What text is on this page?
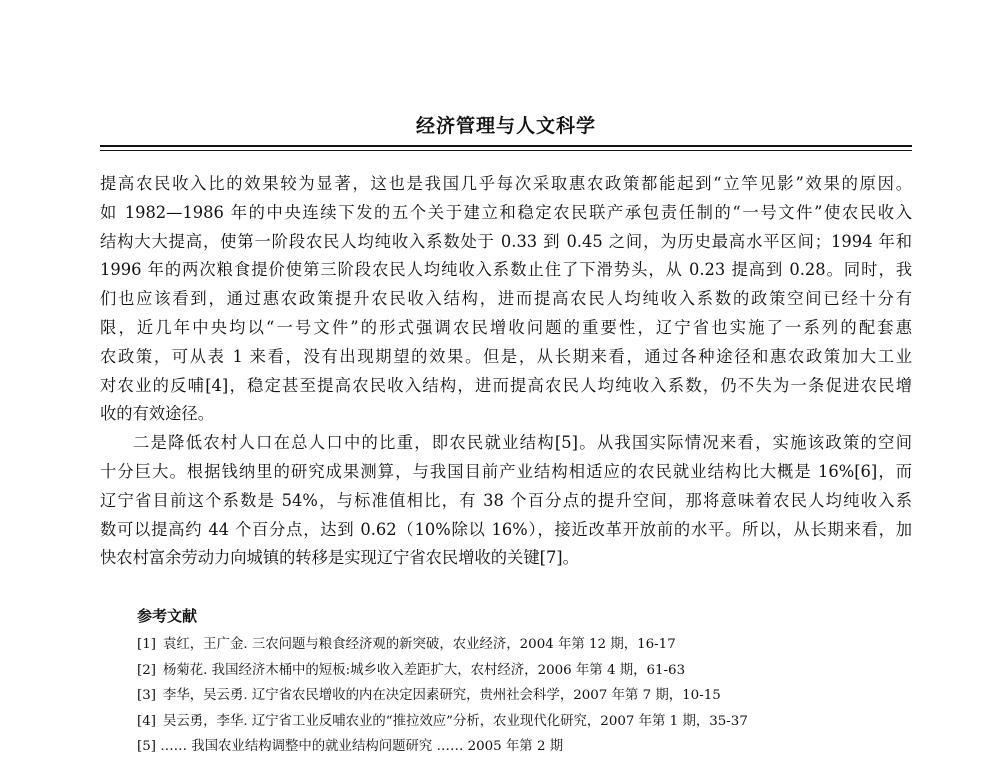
经济管理与人文科学
提高农民收入比的效果较为显著，这也是我国几乎每次采取惠农政策都能起到“立竿见影”效果的原因。
如 1982—1986 年的中央连续下发的五个关于建立和稳定农民联产承包责任制的“一号文件”使农民收入
结构大大提高，使第一阶段农民人均纯收入系数处于 0.33 到 0.45 之间，为历史最高水平区间；1994 年和
1996 年的两次粮食提价使第三阶段农民人均纯收入系数止住了下滑势头，从 0.23 提高到 0.28。同时，我
们也应该看到，通过惠农政策提升农民收入结构，进而提高农民人均纯收入系数的政策空间已经十分有
限，近几年中央均以“一号文件”的形式强调农民增收问题的重要性，辽宁省也实施了一系列的配套惠
农政策，可从表 1 来看，没有出现期望的效果。但是，从长期来看，通过各种途径和惠农政策加大工业
对农业的反哺[4]，稳定甚至提高农民收入结构，进而提高农民人均纯收入系数，仍不失为一条促进农民增
收的有效途径。
二是降低农村人口在总人口中的比重，即农民就业结构[5]。从我国实际情况来看，实施该政策的空间
十分巨大。根据钱纳里的研究成果测算，与我国目前产业结构相适应的农民就业结构比大概是 16%[6]，而
辽宁省目前这个系数是 54%，与标准值相比，有 38 个百分点的提升空间，那将意味着农民人均纯收入系
数可以提高约 44 个百分点，达到 0.62（10%除以 16%），接近改革开放前的水平。所以，从长期来看，加
快农村富余劳动力向城镇的转移是实现辽宁省农民增收的关键[7]。
参考文献
[1] 袁红，王广金. 三农问题与粮食经济观的新突破，农业经济，2004 年第 12 期，16-17
[2] 杨菊花. 我国经济木桶中的短板:城乡收入差距扩大，农村经济，2006 年第 4 期，61-63
[3] 李华，吴云勇. 辽宁省农民增收的内在决定因素研究，贵州社会科学，2007 年第 7 期，10-15
[4] 吴云勇，李华. 辽宁省工业反哺农业的“推拉效应”分析，农业现代化研究，2007 年第 1 期，35-37
[5] …… 我国农业结构调整中的就业结构问题研究 …… 2005 年第 2 期
